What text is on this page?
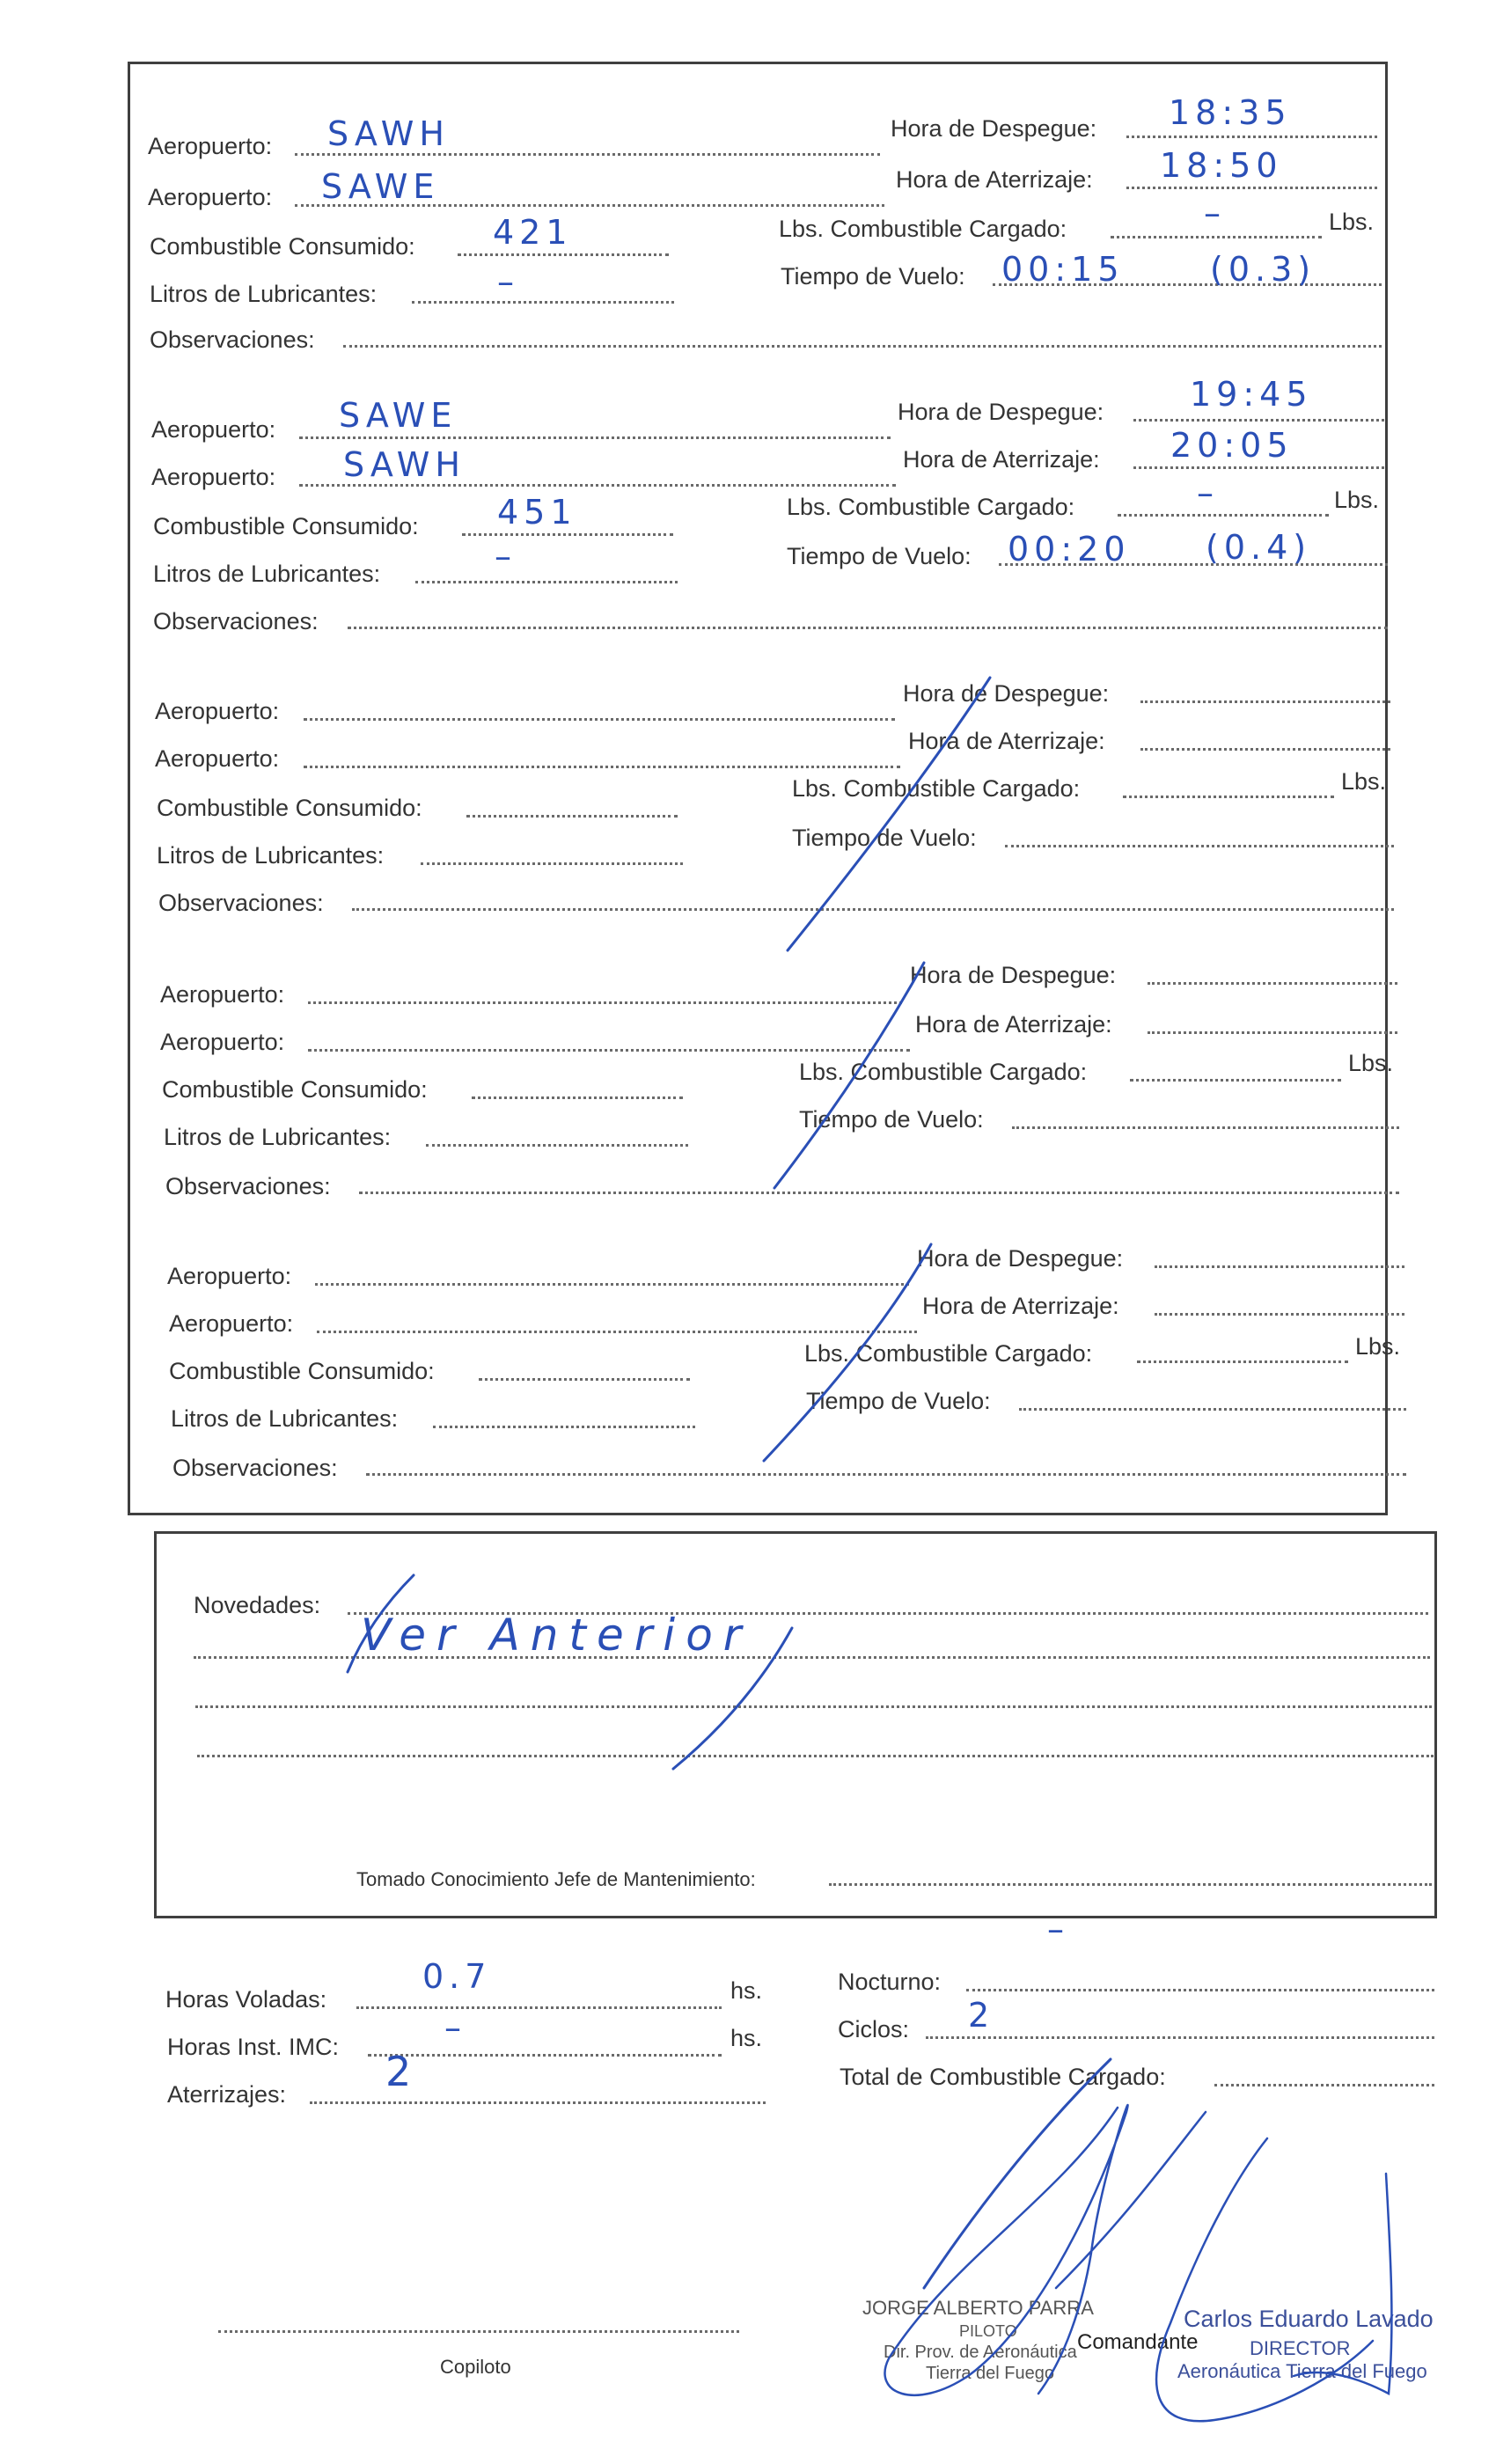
Aeropuerto: SAWH	Hora de Despegue: 18:35
Aeropuerto: SAWE	Hora de Aterrizaje: 18:50
Combustible Consumido: 421	Lbs. Combustible Cargado:	–	Lbs.
Litros de Lubricantes:	–	Tiempo de Vuelo: 00:15	(0.3)
Observaciones:
Aeropuerto: SAWE	Hora de Despegue:	19:45
Aeropuerto: SAWH	Hora de Aterrizaje: 20:05
Combustible Consumido: 451	Lbs. Combustible Cargado:	–	Lbs.
Litros de Lubricantes:	–	Tiempo de Vuelo: 00:20 (0.4)
Observaciones:
Aeropuerto:
Hora de Despegue:
Aeropuerto:
Hora de Aterrizaje:
Combustible Consumido:
Lbs. Combustible Cargado:	Lbs.
Litros de Lubricantes:
Tiempo de Vuelo:
Observaciones:
Aeropuerto:
Hora de Despegue:
Aeropuerto:
Hora de Aterrizaje:
Combustible Consumido:
Lbs. Combustible Cargado:	Lbs.
Litros de Lubricantes:
Tiempo de Vuelo:
Observaciones:
Aeropuerto:
Hora de Despegue:
Aeropuerto:
Hora de Aterrizaje:
Combustible Consumido:
Lbs. Combustible Cargado:	Lbs.
Litros de Lubricantes:
Tiempo de Vuelo:
Observaciones:
Novedades:
Ver Anterior
Tomado Conocimiento Jefe de Mantenimiento:
Horas Voladas:
0.7	hs.
Horas Inst. IMC:	–	hs.
Aterrizajes: 2
Nocturno:
–
Ciclos: 2
Total de Combustible Cargado:
Copiloto
JORGE ALBERTO PARRA
PILOTO
Dir. Prov. de Aeronáutica
Tierra del Fuego
Comandante
Carlos Eduardo Lavado
DIRECTOR
Aeronáutica Tierra del Fuego
